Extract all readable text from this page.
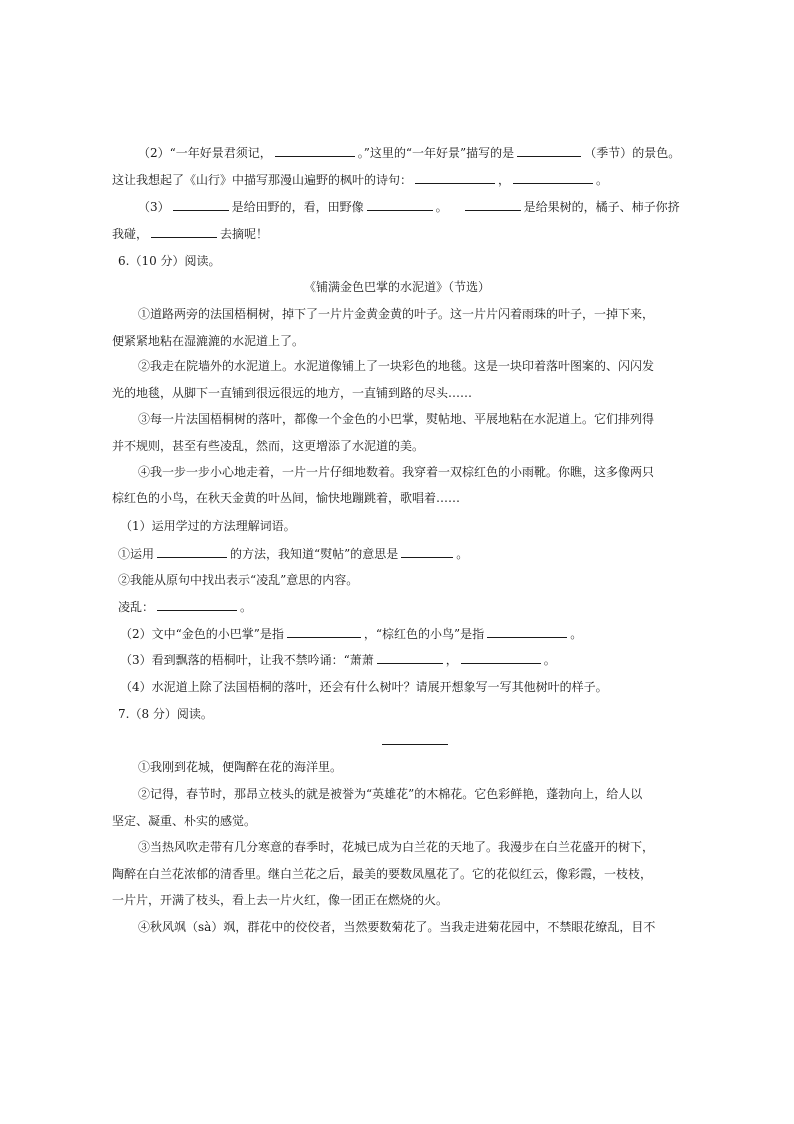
（2）“一年好景君须记，	。”这里的“一年好景”描写的是	（季节）的景色。
这让我想起了《山行》中描写那漫山遍野的枫叶的诗句：	，	。
（3）	是给田野的，看，田野像	。	是给果树的，橘子、柿子你挤
我碰，	去摘呢！
6.（10 分）阅读。
《铺满金色巴掌的水泥道》（节选）
①道路两旁的法国梧桐树，掉下了一片片金黄金黄的叶子。这一片片闪着雨珠的叶子，一掉下来，
便紧紧地粘在湿漉漉的水泥道上了。
②我走在院墙外的水泥道上。水泥道像铺上了一块彩色的地毯。这是一块印着落叶图案的、闪闪发
光的地毯，从脚下一直铺到很远很远的地方，一直铺到路的尽头……
③每一片法国梧桐树的落叶，都像一个金色的小巴掌，熨帖地、平展地粘在水泥道上。它们排列得
并不规则，甚至有些凌乱，然而，这更增添了水泥道的美。
④我一步一步小心地走着，一片一片仔细地数着。我穿着一双棕红色的小雨靴。你瞧，这多像两只
棕红色的小鸟，在秋天金黄的叶丛间，愉快地蹦跳着，歌唱着……
（1）运用学过的方法理解词语。
①运用	的方法，我知道“熨帖”的意思是	。
②我能从原句中找出表示“凌乱”意思的内容。
凌乱：	。
（2）文中“金色的小巴掌”是指	，“棕红色的小鸟”是指	。
（3）看到飘落的梧桐叶，让我不禁吟诵：“萧萧	，	。
（4）水泥道上除了法国梧桐的落叶，还会有什么树叶？请展开想象写一写其他树叶的样子。
7.（8 分）阅读。
①我刚到花城，便陶醉在花的海洋里。
②记得，春节时，那昂立枝头的就是被誉为“英雄花”的木棉花。它色彩鲜艳，蓬勃向上，给人以
坚定、凝重、朴实的感觉。
③当热风吹走带有几分寒意的春季时，花城已成为白兰花的天地了。我漫步在白兰花盛开的树下，
陶醉在白兰花浓郁的清香里。继白兰花之后，最美的要数凤凰花了。它的花似红云，像彩霞，一枝枝，
一片片，开满了枝头，看上去一片火红，像一团正在燃烧的火。
④秋风飒（sà）飒，群花中的佼佼者，当然要数菊花了。当我走进菊花园中，不禁眼花缭乱，目不
